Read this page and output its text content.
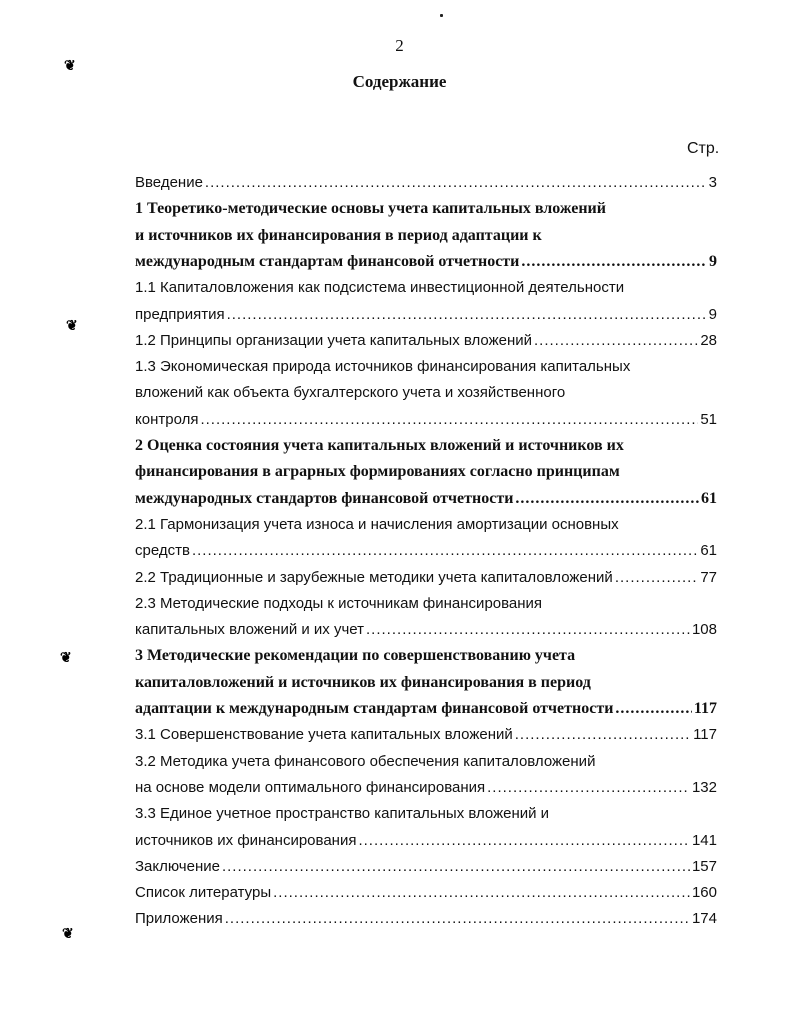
2
Содержание
Стр.
❦
❦
❦
❦
Введение .....	3
1 Теоретико-методические основы учета капитальных вложений
и источников их финансирования в период адаптации к
международным стандартам финансовой отчетности .....	9
1.1 Капиталовложения как подсистема инвестиционной деятельности
предприятия .....	9
1.2 Принципы организации учета капитальных вложений .....	28
1.3 Экономическая природа источников финансирования капитальных
вложений как объекта бухгалтерского учета и хозяйственного
контроля .....	51
2 Оценка состояния учета капитальных вложений и источников их
финансирования в аграрных формированиях согласно принципам
международных стандартов финансовой отчетности .....	61
2.1 Гармонизация учета износа и начисления амортизации основных
средств .....	61
2.2 Традиционные и зарубежные методики учета капиталовложений .....	77
2.3 Методические подходы к источникам финансирования
капитальных вложений и их учет .....	108
3 Методические рекомендации по совершенствованию учета
капиталовложений и источников их финансирования в период
адаптации к международным стандартам финансовой отчетности .....	117
3.1 Совершенствование учета капитальных вложений .....	117
3.2 Методика учета финансового обеспечения капиталовложений
на основе модели оптимального финансирования .....	132
3.3 Единое учетное пространство капитальных вложений и
источников их финансирования .....	141
Заключение .....	157
Список литературы .....	160
Приложения .....	174
